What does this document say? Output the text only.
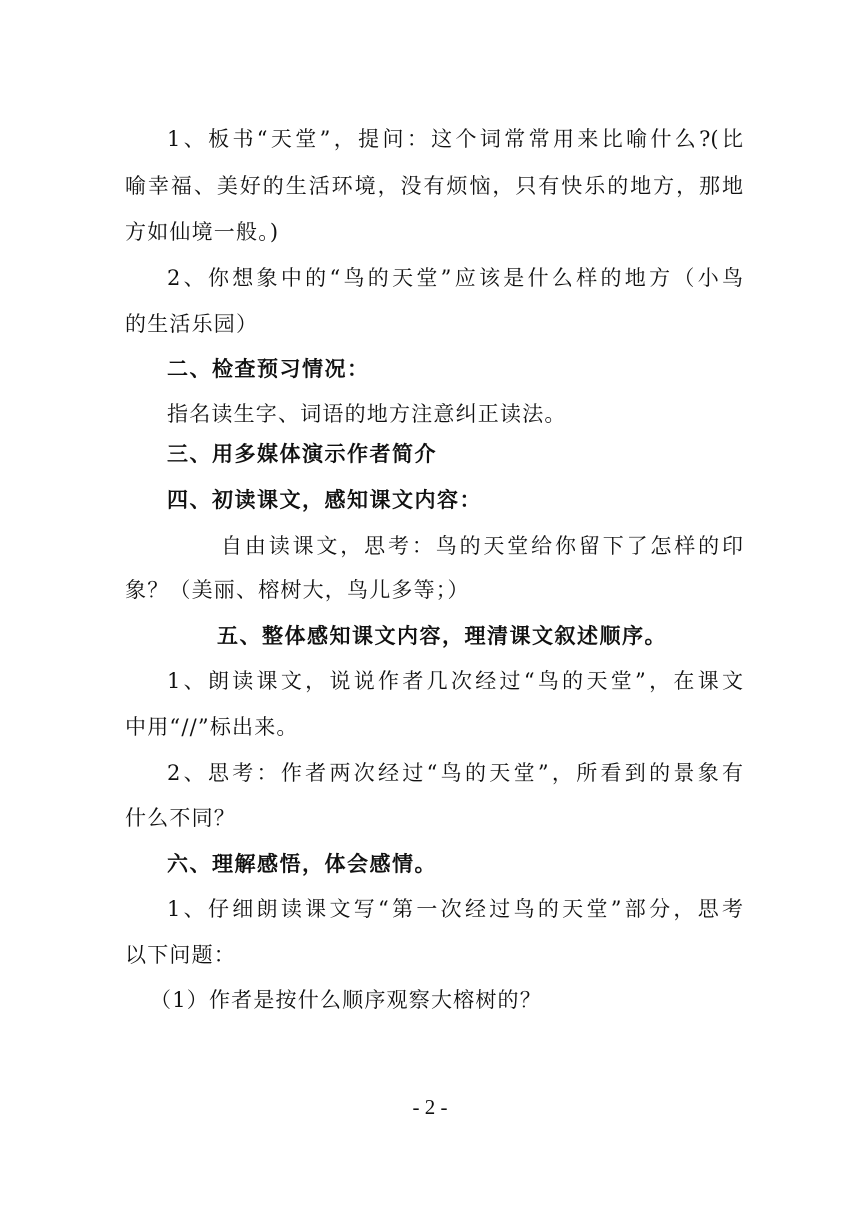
1、板书“天堂”，提问：这个词常常用来比喻什么?(比
喻幸福、美好的生活环境，没有烦恼，只有快乐的地方，那地
方如仙境一般。)
2、你想象中的“鸟的天堂”应该是什么样的地方（小鸟
的生活乐园）
二、检查预习情况：
指名读生字、词语的地方注意纠正读法。
三、用多媒体演示作者简介
四、初读课文，感知课文内容：
自由读课文，思考：鸟的天堂给你留下了怎样的印
象？（美丽、榕树大，鸟儿多等；）
五、整体感知课文内容，理清课文叙述顺序。
1、朗读课文，说说作者几次经过“鸟的天堂”，在课文
中用“//”标出来。
2、思考：作者两次经过“鸟的天堂”，所看到的景象有
什么不同？
六、理解感悟，体会感情。
1、仔细朗读课文写“第一次经过鸟的天堂”部分，思考
以下问题：
（1）作者是按什么顺序观察大榕树的？
- 2 -
